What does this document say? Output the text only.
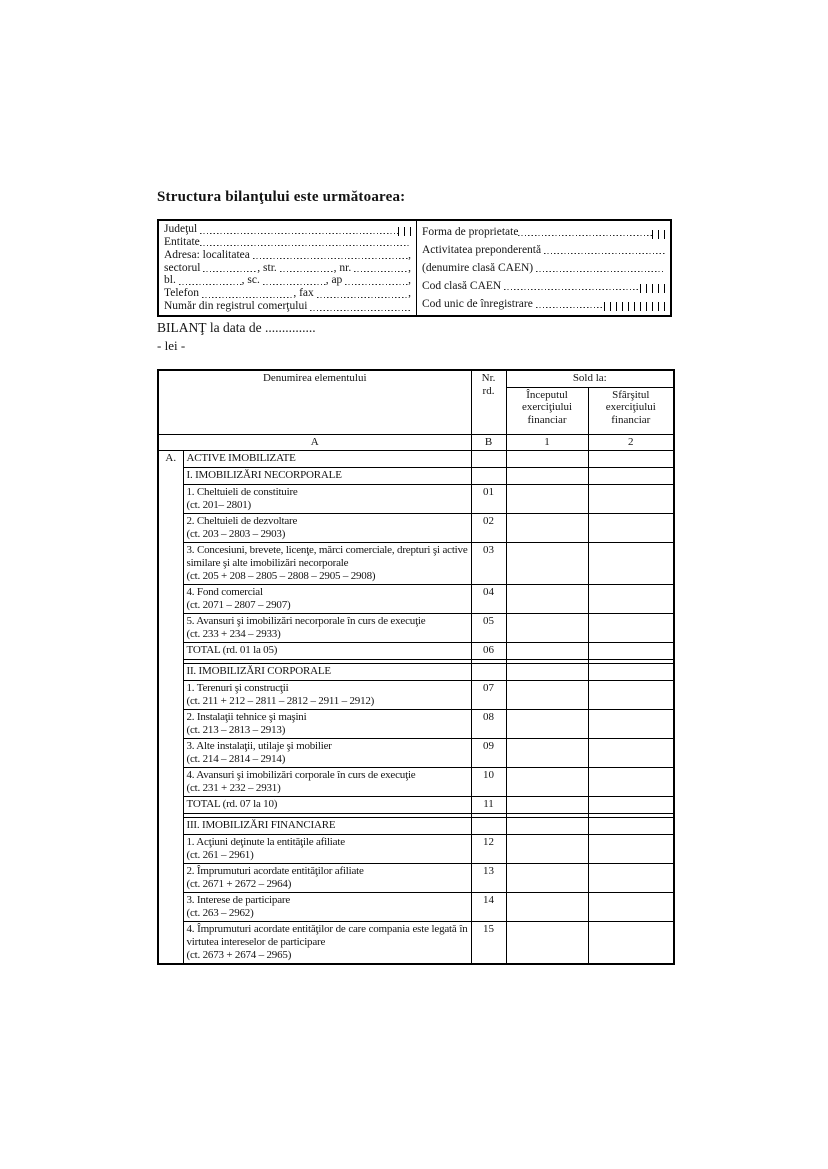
Structura bilanţului este următoarea:
Judeţul
Entitate
Adresa: localitatea	,
sectorul	, str.	, nr.	,
bl.	, sc.	, ap	,
Telefon	, fax	,
Număr din registrul comerţului
Forma de proprietate
Activitatea preponderentă
(denumire clasă CAEN)
Cod clasă CAEN
Cod unic de înregistrare
BILANŢ la data de ...............
- lei -
Denumirea elementului		Nr. rd.	Sold la:	
			Începutul exerciţiului financiar	Sfârşitul exerciţiului financiar
A		B	1	2
A.	ACTIVE IMOBILIZATE			

	I. IMOBILIZĂRI NECORPORALE			

	1. Cheltuieli de constituire
(ct. 201– 2801)	01		

	2. Cheltuieli de dezvoltare
(ct. 203 – 2803 – 2903)	02		

	3. Concesiuni, brevete, licenţe, mărci comerciale, drepturi şi active similare şi alte imobilizări necorporale
(ct. 205 + 208 – 2805 – 2808 – 2905 – 2908)	03		

	4. Fond comercial
(ct. 2071 – 2807 – 2907)	04		

	5. Avansuri şi imobilizări necorporale în curs de execuţie
(ct. 233 + 234 – 2933)	05		

	TOTAL (rd. 01 la 05)	06		

	II. IMOBILIZĂRI CORPORALE			

	1. Terenuri şi construcţii
(ct. 211 + 212 – 2811 – 2812 – 2911 – 2912)	07		

	2. Instalaţii tehnice şi maşini
(ct. 213 – 2813 – 2913)	08		

	3. Alte instalaţii, utilaje şi mobilier
(ct. 214 – 2814 – 2914)	09		

	4. Avansuri şi imobilizări corporale în curs de execuţie
(ct. 231 + 232 – 2931)	10		

	TOTAL (rd. 07 la 10)	11		

	III. IMOBILIZĂRI FINANCIARE			

	1. Acţiuni deţinute la entităţile afiliate
(ct. 261 – 2961)	12		

	2. Împrumuturi acordate entităţilor afiliate
(ct. 2671 + 2672 – 2964)	13		

	3. Interese de participare
(ct. 263 – 2962)	14		

	4. Împrumuturi acordate entităţilor de care compania este legată în virtutea intereselor de participare
(ct. 2673 + 2674 – 2965)	15		
